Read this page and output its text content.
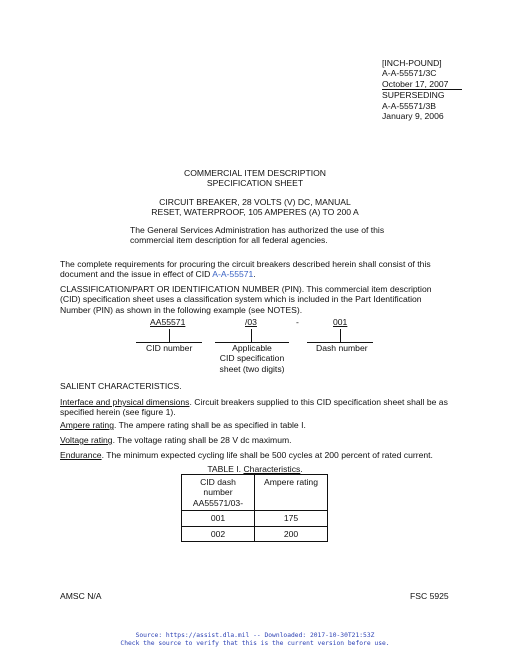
[INCH-POUND]
A-A-55571/3C
October 17, 2007
SUPERSEDING
A-A-55571/3B
January 9, 2006
COMMERCIAL ITEM DESCRIPTION
SPECIFICATION SHEET
CIRCUIT BREAKER, 28 VOLTS (V) DC, MANUAL
RESET, WATERPROOF, 105 AMPERES (A) TO 200 A
The General Services Administration has authorized the use of this
commercial item description for all federal agencies.
The complete requirements for procuring the circuit breakers described herein shall consist of this document and the issue in effect of CID A-A-55571.
CLASSIFICATION/PART OR IDENTIFICATION NUMBER (PIN). This commercial item description (CID) specification sheet uses a classification system which is included in the Part Identification Number (PIN) as shown in the following example (see NOTES).
AA55571	/03	-	001
CID number	Applicable
CID specification
sheet (two digits)
Dash number
SALIENT CHARACTERISTICS.
Interface and physical dimensions. Circuit breakers supplied to this CID specification sheet shall be as specified herein (see figure 1).
Ampere rating. The ampere rating shall be as specified in table I.
Voltage rating. The voltage rating shall be 28 V dc maximum.
Endurance. The minimum expected cycling life shall be 500 cycles at 200 percent of rated current.
TABLE I. Characteristics.
CID dash
number
AA55571/03-	Ampere rating
001	175
002	200
AMSC N/A	FSC 5925
Source: https://assist.dla.mil -- Downloaded: 2017-10-30T21:53Z
Check the source to verify that this is the current version before use.
